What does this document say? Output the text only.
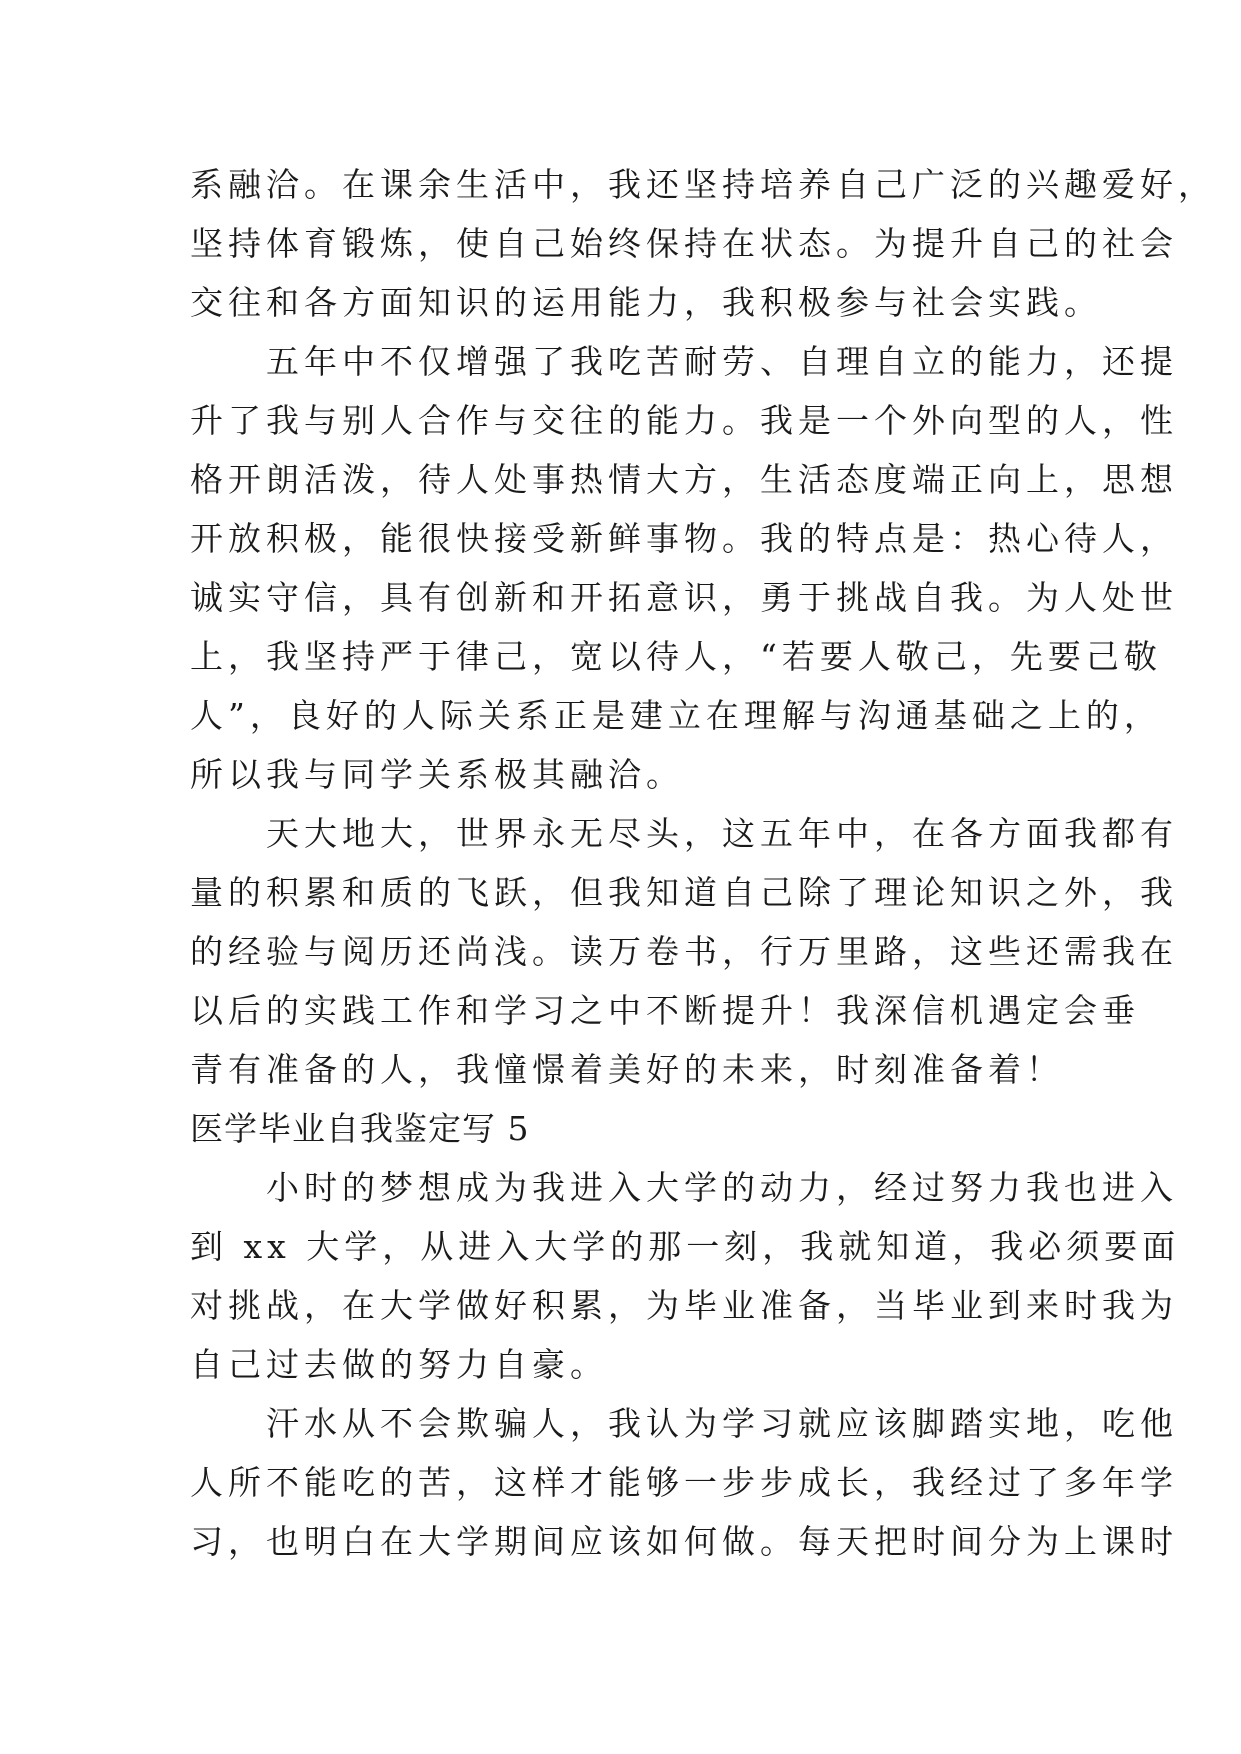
系融洽。在课余生活中，我还坚持培养自己广泛的兴趣爱好，
坚持体育锻炼，使自己始终保持在状态。为提升自己的社会
交往和各方面知识的运用能力，我积极参与社会实践。
　　五年中不仅增强了我吃苦耐劳、自理自立的能力，还提
升了我与别人合作与交往的能力。我是一个外向型的人，性
格开朗活泼，待人处事热情大方，生活态度端正向上，思想
开放积极，能很快接受新鲜事物。我的特点是：热心待人，
诚实守信，具有创新和开拓意识，勇于挑战自我。为人处世
上，我坚持严于律己，宽以待人，“若要人敬己，先要己敬
人”，良好的人际关系正是建立在理解与沟通基础之上的，
所以我与同学关系极其融洽。
　　天大地大，世界永无尽头，这五年中，在各方面我都有
量的积累和质的飞跃，但我知道自己除了理论知识之外，我
的经验与阅历还尚浅。读万卷书，行万里路，这些还需我在
以后的实践工作和学习之中不断提升！我深信机遇定会垂
青有准备的人，我憧憬着美好的未来，时刻准备着！
医学毕业自我鉴定写 5
　　小时的梦想成为我进入大学的动力，经过努力我也进入
到 xx 大学，从进入大学的那一刻，我就知道，我必须要面
对挑战，在大学做好积累，为毕业准备，当毕业到来时我为
自己过去做的努力自豪。
　　汗水从不会欺骗人，我认为学习就应该脚踏实地，吃他
人所不能吃的苦，这样才能够一步步成长，我经过了多年学
习，也明白在大学期间应该如何做。每天把时间分为上课时
